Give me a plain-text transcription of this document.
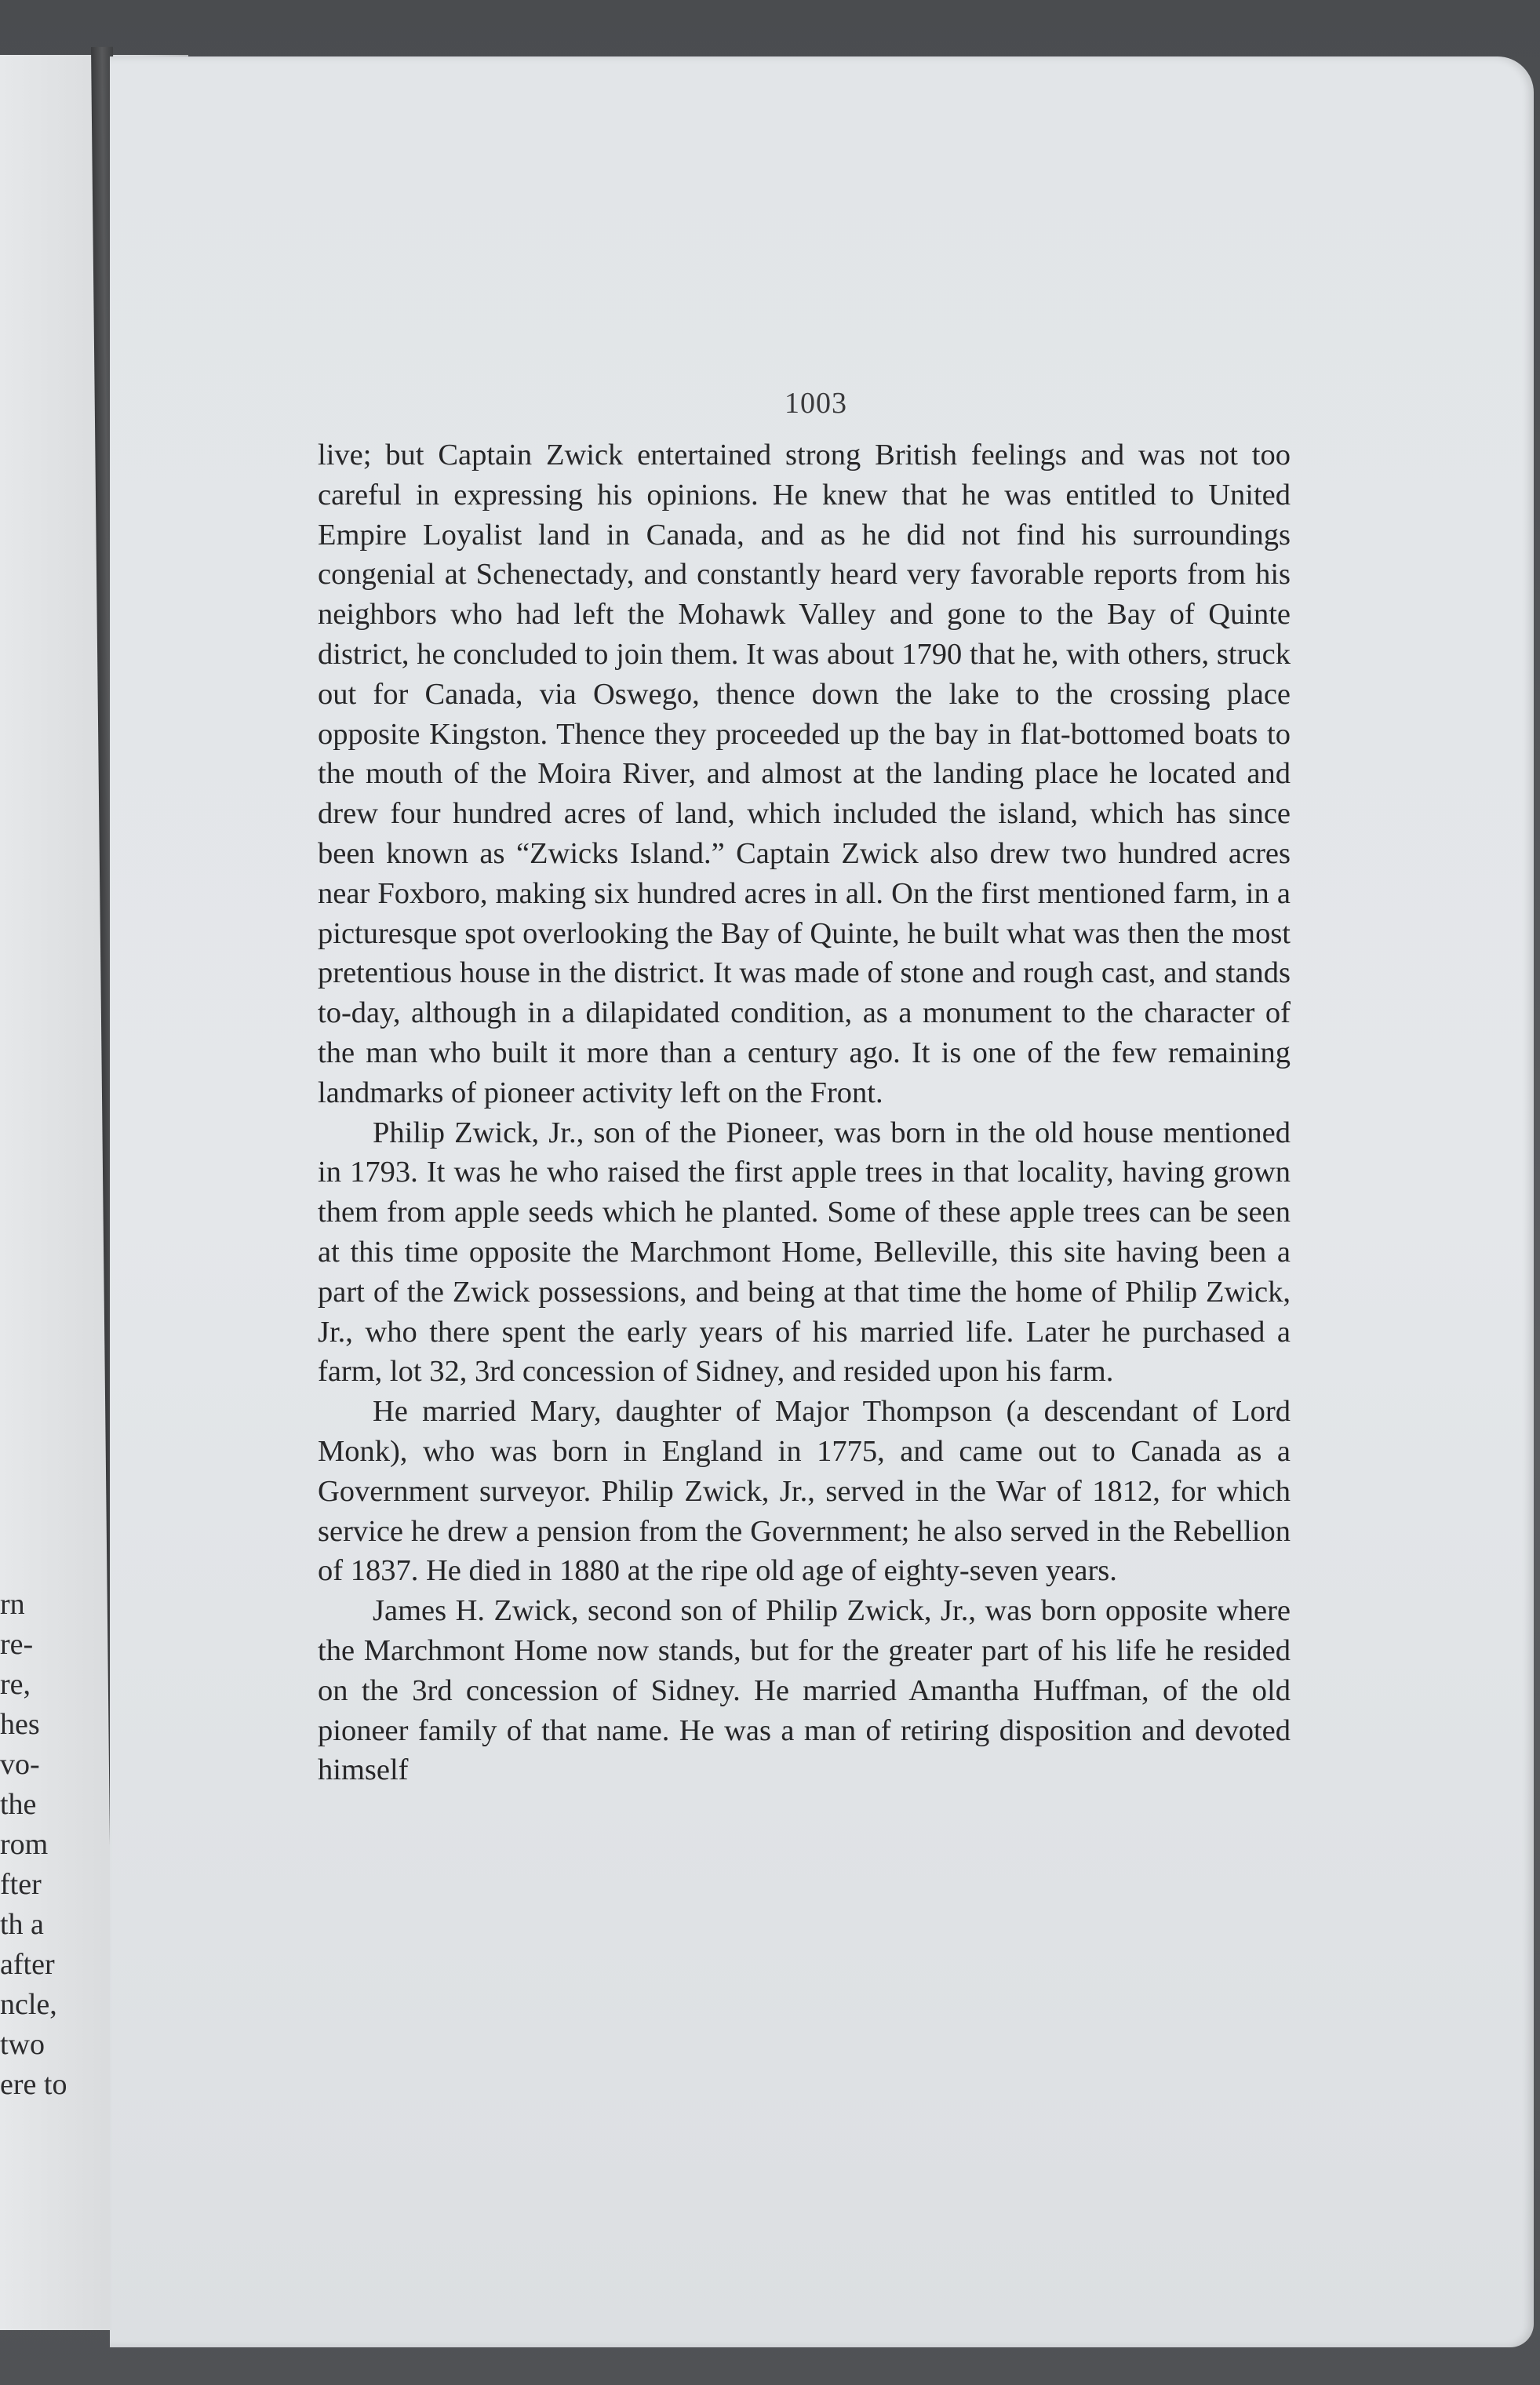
rn
re-
re,
hes
vo-
the
rom
fter
th a
after
ncle,
two
ere to
1003

live; but Captain Zwick entertained strong British feelings and was not too careful in expressing his opinions. He knew that he was entitled to United Empire Loyalist land in Canada, and as he did not find his surroundings congenial at Schenectady, and constantly heard very favorable reports from his neighbors who had left the Mohawk Valley and gone to the Bay of Quinte district, he concluded to join them. It was about 1790 that he, with others, struck out for Canada, via Oswego, thence down the lake to the crossing place opposite Kingston. Thence they proceeded up the bay in flat-bottomed boats to the mouth of the Moira River, and almost at the landing place he located and drew four hundred acres of land, which included the island, which has since been known as “Zwicks Island.” Captain Zwick also drew two hundred acres near Foxboro, making six hundred acres in all. On the first mentioned farm, in a picturesque spot overlooking the Bay of Quinte, he built what was then the most pretentious house in the district. It was made of stone and rough cast, and stands to-day, although in a dilapidated condition, as a monument to the character of the man who built it more than a century ago. It is one of the few remaining landmarks of pioneer activity left on the Front.

Philip Zwick, Jr., son of the Pioneer, was born in the old house mentioned in 1793. It was he who raised the first apple trees in that locality, having grown them from apple seeds which he planted. Some of these apple trees can be seen at this time opposite the Marchmont Home, Belleville, this site having been a part of the Zwick possessions, and being at that time the home of Philip Zwick, Jr., who there spent the early years of his married life. Later he purchased a farm, lot 32, 3rd concession of Sidney, and resided upon his farm.

He married Mary, daughter of Major Thompson (a descendant of Lord Monk), who was born in England in 1775, and came out to Canada as a Government surveyor. Philip Zwick, Jr., served in the War of 1812, for which service he drew a pension from the Government; he also served in the Rebellion of 1837. He died in 1880 at the ripe old age of eighty-seven years.

James H. Zwick, second son of Philip Zwick, Jr., was born opposite where the Marchmont Home now stands, but for the greater part of his life he resided on the 3rd concession of Sidney. He married Amantha Huffman, of the old pioneer family of that name. He was a man of retiring disposition and devoted himself
